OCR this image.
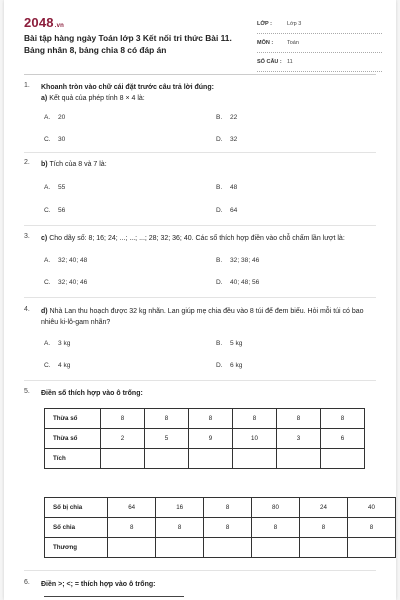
2048.vn
Bài tập hàng ngày Toán lớp 3 Kết nối tri thức Bài 11. Bảng nhân 8, bảng chia 8 có đáp án
LỚP :	Lớp 3
MÔN :	Toán
SỐ CÂU : 11
1. Khoanh tròn vào chữ cái đặt trước câu trả lời đúng:
a) Kết quả của phép tính 8 × 4 là:
A. 20	B. 22
C. 30	D. 32
2. b) Tích của 8 và 7 là:
A. 55	B. 48
C. 56	D. 64
3. c) Cho dãy số: 8; 16; 24; ...; ...; ...; 28; 32; 36; 40. Các số thích hợp điền vào chỗ chấm lần lượt là:
A. 32; 40; 48	B. 32; 38; 46
C. 32; 40; 46	D. 40; 48; 56
4. d) Nhà Lan thu hoạch được 32 kg nhãn. Lan giúp mẹ chia đều vào 8 túi để đem biếu. Hỏi mỗi túi có bao nhiêu ki-lô-gam nhãn?
A. 3 kg	B. 5 kg
C. 4 kg	D. 6 kg
5. Điền số thích hợp vào ô trống:
Thừa số	8	8	8	8	8	8
Thừa số	2	5	9	10	3	6
Tích						
Số bị chia	64	16	8	80	24	40
Số chia	8	8	8	8	8	8
Thương						
6. Điền >; <; = thích hợp vào ô trống:
